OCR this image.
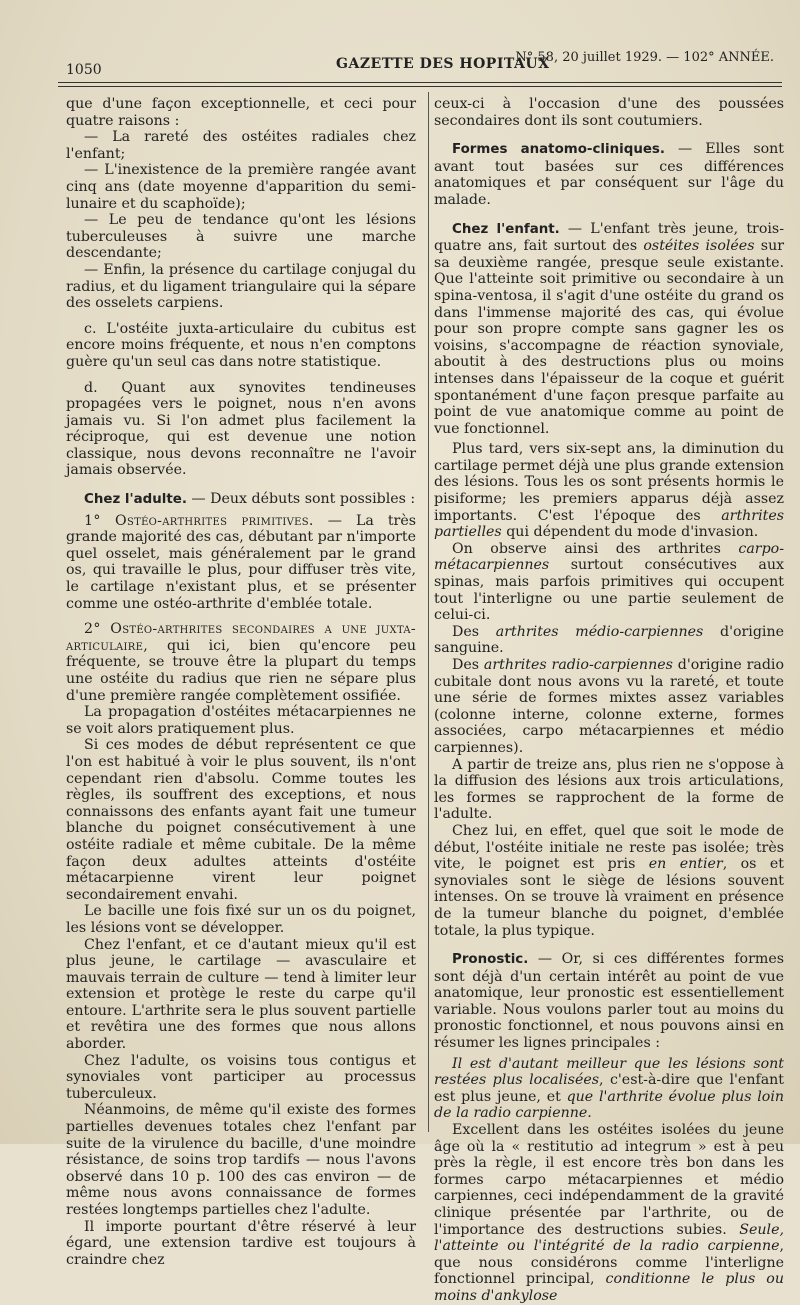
1050	GAZETTE DES HOPITAUX
N° 58, 20 juillet 1929. — 102° ANNÉE.

que d'une façon exceptionnelle, et ceci pour quatre raisons :

— La rareté des ostéites radiales chez l'enfant;

— L'inexistence de la première rangée avant cinq ans (date moyenne d'apparition du semi-lunaire et du scaphoïde);

— Le peu de tendance qu'ont les lésions tuberculeuses à suivre une marche descendante;

— Enfin, la présence du cartilage conjugal du radius, et du ligament triangulaire qui la sépare des osselets carpiens.

c. L'ostéite juxta-articulaire du cubitus est encore moins fréquente, et nous n'en comptons guère qu'un seul cas dans notre statistique.

d. Quant aux synovites tendineuses propagées vers le poignet, nous n'en avons jamais vu. Si l'on admet plus facilement la réciproque, qui est devenue une notion classique, nous devons reconnaître ne l'avoir jamais observée.

Chez l'adulte. — Deux débuts sont possibles :

1° Ostéo-arthrites primitives. — La très grande majorité des cas, débutant par n'importe quel osselet, mais généralement par le grand os, qui travaille le plus, pour diffuser très vite, le cartilage n'existant plus, et se présenter comme une ostéo-arthrite d'emblée totale.

2° Ostéo-arthrites secondaires a une juxta-articulaire, qui ici, bien qu'encore peu fréquente, se trouve être la plupart du temps une ostéite du radius que rien ne sépare plus d'une première rangée complètement ossifiée.

La propagation d'ostéites métacarpiennes ne se voit alors pratiquement plus.

Si ces modes de début représentent ce que l'on est habitué à voir le plus souvent, ils n'ont cependant rien d'absolu. Comme toutes les règles, ils souffrent des exceptions, et nous connaissons des enfants ayant fait une tumeur blanche du poignet consécutivement à une ostéite radiale et même cubitale. De la même façon deux adultes atteints d'ostéite métacarpienne virent leur poignet secondairement envahi.

Le bacille une fois fixé sur un os du poignet, les lésions vont se développer.

Chez l'enfant, et ce d'autant mieux qu'il est plus jeune, le cartilage — avasculaire et mauvais terrain de culture — tend à limiter leur extension et protège le reste du carpe qu'il entoure. L'arthrite sera le plus souvent partielle et revêtira une des formes que nous allons aborder.

Chez l'adulte, os voisins tous contigus et synoviales vont participer au processus tuberculeux.

Néanmoins, de même qu'il existe des formes partielles devenues totales chez l'enfant par suite de la virulence du bacille, d'une moindre résistance, de soins trop tardifs — nous l'avons observé dans 10 p. 100 des cas environ — de même nous avons connaissance de formes restées longtemps partielles chez l'adulte.

Il importe pourtant d'être réservé à leur égard, une extension tardive est toujours à craindre chez

ceux-ci à l'occasion d'une des poussées secondaires dont ils sont coutumiers.

Formes anatomo-cliniques. — Elles sont avant tout basées sur ces différences anatomiques et par conséquent sur l'âge du malade.
Chez l'enfant. — L'enfant très jeune, trois-quatre ans, fait surtout des ostéites isolées sur sa deuxième rangée, presque seule existante. Que l'atteinte soit primitive ou secondaire à un spina-ventosa, il s'agit d'une ostéite du grand os dans l'immense majorité des cas, qui évolue pour son propre compte sans gagner les os voisins, s'accompagne de réaction synoviale, aboutit à des destructions plus ou moins intenses dans l'épaisseur de la coque et guérit spontanément d'une façon presque parfaite au point de vue anatomique comme au point de vue fonctionnel.

Plus tard, vers six-sept ans, la diminution du cartilage permet déjà une plus grande extension des lésions. Tous les os sont présents hormis le pisiforme; les premiers apparus déjà assez importants. C'est l'époque des arthrites partielles qui dépendent du mode d'invasion.

On observe ainsi des arthrites carpo-métacarpiennes surtout consécutives aux spinas, mais parfois primitives qui occupent tout l'interligne ou une partie seulement de celui-ci.

Des arthrites médio-carpiennes d'origine sanguine.

Des arthrites radio-carpiennes d'origine radio cubitale dont nous avons vu la rareté, et toute une série de formes mixtes assez variables (colonne interne, colonne externe, formes associées, carpo métacarpiennes et médio carpiennes).

A partir de treize ans, plus rien ne s'oppose à la diffusion des lésions aux trois articulations, les formes se rapprochent de la forme de l'adulte.

Chez lui, en effet, quel que soit le mode de début, l'ostéite initiale ne reste pas isolée; très vite, le poignet est pris en entier, os et synoviales sont le siège de lésions souvent intenses. On se trouve là vraiment en présence de la tumeur blanche du poignet, d'emblée totale, la plus typique.

Pronostic. — Or, si ces différentes formes sont déjà d'un certain intérêt au point de vue anatomique, leur pronostic est essentiellement variable. Nous voulons parler tout au moins du pronostic fonctionnel, et nous pouvons ainsi en résumer les lignes principales :

Il est d'autant meilleur que les lésions sont restées plus localisées, c'est-à-dire que l'enfant est plus jeune, et que l'arthrite évolue plus loin de la radio carpienne.

Excellent dans les ostéites isolées du jeune âge où la « restitutio ad integrum » est à peu près la règle, il est encore très bon dans les formes carpo métacarpiennes et médio carpiennes, ceci indépendamment de la gravité clinique présentée par l'arthrite, ou de l'importance des destructions subies. Seule, l'atteinte ou l'intégrité de la radio carpienne, que nous considérons comme l'interligne fonctionnel principal, conditionne le plus ou moins d'ankylose
